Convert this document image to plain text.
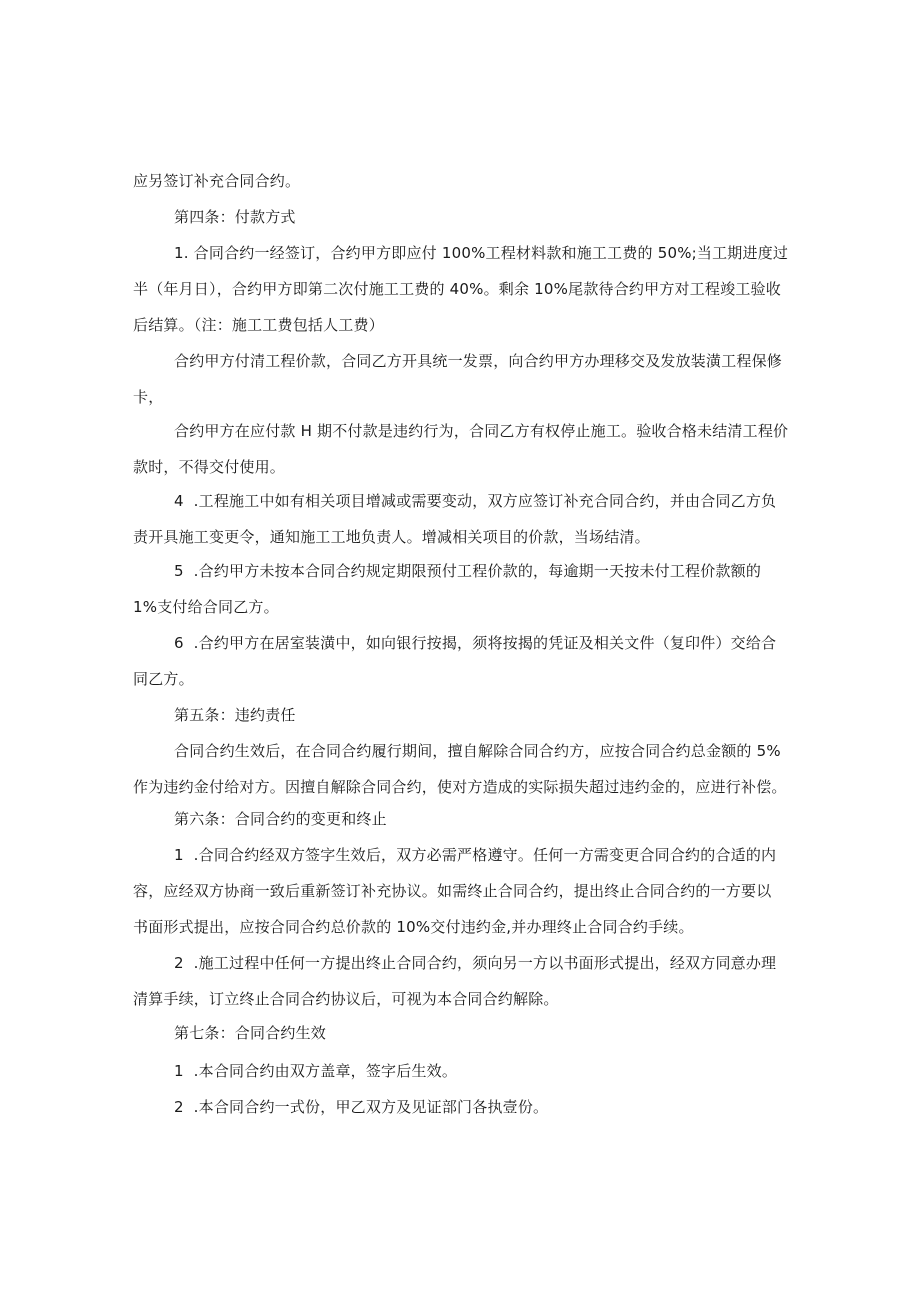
应另签订补充合同合约。
第四条：付款方式
1. 合同合约一经签订，合约甲方即应付 100%工程材料款和施工工费的 50%;当工期进度过
半（年月日），合约甲方即第二次付施工工费的 40%。剩余 10%尾款待合约甲方对工程竣工验收
后结算。（注：施工工费包括人工费）
合约甲方付清工程价款，合同乙方开具统一发票，向合约甲方办理移交及发放装潢工程保修
卡，
合约甲方在应付款 H 期不付款是违约行为，合同乙方有权停止施工。验收合格未结清工程价
款时，不得交付使用。
4  .工程施工中如有相关项目增减或需要变动，双方应签订补充合同合约，并由合同乙方负
责开具施工变更令，通知施工工地负责人。增减相关项目的价款，当场结清。
5  .合约甲方未按本合同合约规定期限预付工程价款的，每逾期一天按未付工程价款额的
1%支付给合同乙方。
6  .合约甲方在居室装潢中，如向银行按揭，须将按揭的凭证及相关文件（复印件）交给合
同乙方。
第五条：违约责任
合同合约生效后，在合同合约履行期间，擅自解除合同合约方，应按合同合约总金额的 5%
作为违约金付给对方。因擅自解除合同合约，使对方造成的实际损失超过违约金的，应进行补偿。
第六条：合同合约的变更和终止
1  .合同合约经双方签字生效后，双方必需严格遵守。任何一方需变更合同合约的合适的内
容，应经双方协商一致后重新签订补充协议。如需终止合同合约，提出终止合同合约的一方要以
书面形式提出，应按合同合约总价款的 10%交付违约金,并办理终止合同合约手续。
2  .施工过程中任何一方提出终止合同合约，须向另一方以书面形式提出，经双方同意办理
清算手续，订立终止合同合约协议后，可视为本合同合约解除。
第七条：合同合约生效
1  .本合同合约由双方盖章，签字后生效。
2  .本合同合约一式份，甲乙双方及见证部门各执壹份。
